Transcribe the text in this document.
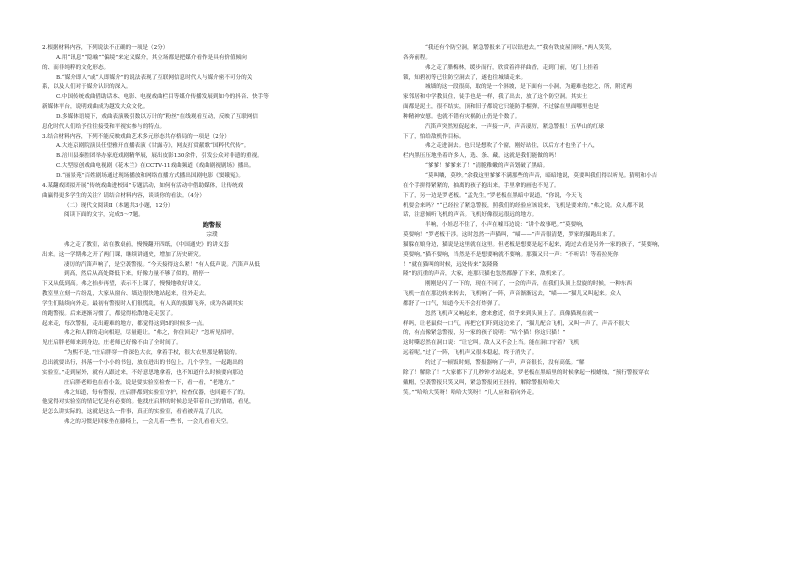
2.根据材料内容，下列说法不正确的一项是（2分）

A.用“讯息”“隐喻”“偏境”来定义媒介，其立场都是把媒介看作是具有价值倾向

的、而非纯粹的文化形态。

B.“媒介即人”或“人即媒介”的说法表现了互联网信息时代人与媒介密不可分的关

系，以及人们对于媒介认识的深入。

C.中国传统戏曲借助话本、电影、电视戏曲栏目等媒介传播发展到如今的抖音、快手等

新媒体平台，说明戏曲成为越发大众文化。

D.多媒体语境下，戏曲表演吸引数以万计的“粉丝”在线观看互动，反映了互联网信

息化时代人们给予往往接受和平视实参与的特点。

3.结合材料内容，下列不能反映戏曲艺术多元形态共存格局的一项是（2分）

A.大连京剧院演员任望雅开直播表演《甘露寺》，网友打赏献歌“国粹代代传”。

B.涪川县秦腔团举办家庭戏剧精华展，展出皮影130余件，引发公众对非遗的重视。

C.大型原创戏曲电视剧《花木兰》在CCTV-11戏曲频道《戏曲剧视剧场》播出。

D.“丽景苑”百姓剧场通过现场播放和网络直播方式播出国剧电影《窦娥冤》。

4.某翻戏团拟开展“传统戏曲进校园”专题活动，如何有活动中借助媒体，让传统戏

曲赢得更多学生的关注？请结合材料内容，谈谈你的看法。（4分）

（二）现代文阅读Ⅱ（本题共3小题，12分）

阅读下面的文字，完成5～7题。

跑警报

宗璞

弗之走了教室，站在教桌前，慢慢翻开四纸，《中国通史》的讲义套

出来。这一学期弗之开了两门课，继续讲通史，增加了历史研究。

凄厉的汽笛声响了，是空袭警报。“今天接得这么紧！”有人低声说。汽笛声从低

到高，然后从高处降低下来，好像力量不够了似的，稍停一

下又从低到高。弗之抬步再望，表示不上课了，慢慢地收好讲义。

教室里立刻一片纷乱，大家从窗台、墙边很快地站起来，往外走去。

学生们陆续向外走。最初有警报时人们很慌乱，有人真的拔脚飞奔，成为各副其实

的跑警报。后来逐渐习惯了，都觉得松散地走走罢了。

起来走，每次警报，走出避难的地方，都觉得这到5的时候多一点。

弗之和人群的走向相迎，尽量避让。“弗之，你住回走？”忽听见招呼，

见庄启胖老师来到身边，庄老师已好像不由了全时间了。

“为熙不是，”庄启胖穿一件深色大衣，拿着手杖，很大衣里那是精装的。

总出就要出行，抖落一个小小的书包，放在进出的书包上，几个学生，一起跑出的

实验室。”走到屋外，就有人跟过来，不好意思地拿着，也不知道什么时候要向那边

庄启胖老师也在看小轰，说是要实验室检查一下，看一看，“老地方。”

弗之知道，每有警报，庄启胖都到实验室守护，检查仪器，也回避不了的。

他觉得对实验室的情记忆是有必要的。他找庄启胖的时候总是带着自己的情绪，看见，

是怎么讲实际的，这就是这么一件事，真正的实验室，看看被弄乱了几次，

弗之的习惯是回家坐在藤椅上，一会儿着一些书，一会儿看看天空。

“我还有个防空洞，紧急警报来了可以钻进去。”“我有铁皮屋顶呀。”两人笑笑，

各奔前程。

弗之走了腊梅林，缓步而行，欣赏着祥祥曲香，走到门前，见门上挂着

锁，知碧初等已往防空洞去了，遂也往城墙走来。

城墙的这一段很高，取的是一个斜坡，是下面有一小洞，为避难也挖之，所，附近两

家邻居和中学教员住，徒手也是一样，我了出去，放了这个防空洞。其实土

面都是泥土，很不结实，顶和旧子都说它只能防手榴弹，不过躲在里面哪里也是

种精神安慰。也就不错有灾祸防止仍是个数了。

汽笛声突然短促起来，一声接一声，声音凄厉，紧急警报！五华山的红球

下了，怕给敌机作目标。

弗之走进洞去。也只是想吹了个窗，刚好站住，以后方才也坐了十八，

栏内黑压压地坐着许多人，选、条、藏，这就是我们能做的吗！

“爹爹！爹爹来了！”清脆稚嫩的声音划破了黑暗。

“莫叫嚷，莫吵。”余我这里爹爹不满那些的声音，暗暗地说，莫要叫我们得以听见。猜明和小吉

在个手拼得紧紧的，抽离的孩子抱出来，手里拿的画也不见了。

下了，另一边是罗老板。“孟先生，”罗老板在黑暗中说道，“你说，今天飞

机要会来吗？”“已经拉了紧急警报，照我们的经验应该说来，飞机是要来的。”弗之说。众人都不说

话，注意倾听飞机的声音。飞机好像很远很远的地方。

半响，小娃忍不住了，小声在嘘耳边说：“讲个故事吧。”“莫要响，

莫要响！”罗老板干涉。这时忽然一声猫叫，“喵——”声音很清楚，罗家的猫跑出来了。

猫躲在娘身边，猫说是这里就在这里。但老板是想要是起不起来，跑过去看是另外一家的孩子，“莫要响，

莫要响。”猫不要响，当然是不是想要响就不要响。那猫又只一声：“不听话！等着拉死你

！”就在猫叫的时候，远处传来“轰隆隆

隆”的沉重的声音，大家，连那只猫也忽然都静了下来，敌机来了。

刚刚是闪了一下的，现在不同了，一会的声音，在我们头顶上盘旋的时候，一种东西

飞机一直在那边转来转去，飞机响了一阵，声音渐渐远去，“喵——”猫儿又叫起来。众人

都舒了一口气，知道今天不会打炸弹了。

忽然飞机声又响起来，愈来愈近，似乎来到头顶上了。真像猫现在就一

样吗，让老鼠似一口气，再把它们吓到这边来了，“猫儿配合飞机，又叫一声了，声音不很大

的，有点像紧急警报，另一家的孩子说明：“咕个猫！你这只猫！”

这时嘶忍然在洞口说：“让它叫。敌人又不会上当。能在洞口守着？飞机

远着呢。”过了一阵，飞机声又很本稳起，终于消失了。

约过了一顿饭时刻，警报器响了一声，声音很长，没有高低。“解

除了！解除了！”大家都下了几秒钟才站起来，罗老板在黑暗里的时候拿起一根蜡烛，“预行警报穿衣

戴帽，空袭警报只笑又叫，紧急警报闭王挂持，解除警报哈哈大

笑。”“哈哈大笑呀！哈哈大笑呀！”几人应和着向外走。
